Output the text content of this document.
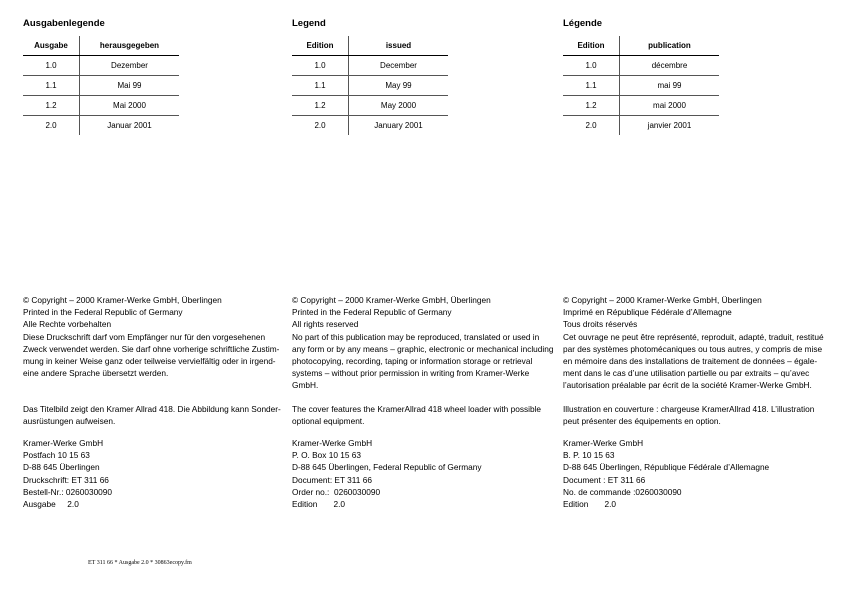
Ausgabenlegende
Ausgabe	herausgegeben
1.0	Dezember
1.1	Mai 99
1.2	Mai 2000
2.0	Januar 2001
© Copyright – 2000 Kramer-Werke GmbH, Überlingen
Printed in the Federal Republic of Germany
Alle Rechte vorbehalten
Diese Druckschrift darf vom Empfänger nur für den vorgesehenen
Zweck verwendet werden. Sie darf ohne vorherige schriftliche Zustim-
mung in keiner Weise ganz oder teilweise vervielfältig oder in irgend-
eine andere Sprache übersetzt werden.
Das Titelbild zeigt den Kramer Allrad 418. Die Abbildung kann Sonder-
ausrüstungen aufweisen.
Kramer-Werke GmbH
Postfach 10 15 63
D-88 645 Überlingen
Druckschrift: ET 311 66
Bestell-Nr.: 0260030090
Ausgabe     2.0
Legend
Edition	issued
1.0	December
1.1	May 99
1.2	May 2000
2.0	January 2001
© Copyright – 2000 Kramer-Werke GmbH, Überlingen
Printed in the Federal Republic of Germany
All rights reserved
No part of this publication may be reproduced, translated or used in
any form or by any means – graphic, electronic or mechanical including
photocopying, recording, taping or information storage or retrieval
systems – without prior permission in writing from Kramer-Werke
GmbH.
The cover features the KramerAllrad 418 wheel loader with possible
optional equipment.
Kramer-Werke GmbH
P. O. Box 10 15 63
D-88 645 Überlingen, Federal Republic of Germany
Document: ET 311 66
Order no.:  0260030090
Edition       2.0
Légende
Edition	publication
1.0	décembre
1.1	mai 99
1.2	mai 2000
2.0	janvier 2001
© Copyright – 2000 Kramer-Werke GmbH, Überlingen
Imprimé en République Fédérale d’Allemagne
Tous droits réservés
Cet ouvrage ne peut être représenté, reproduit, adapté, traduit, restitué
par des systèmes photomécaniques ou tous autres, y compris de mise
en mémoire dans des installations de traitement de données – égale-
ment dans le cas d’une utilisation partielle ou par extraits – qu’avec
l’autorisation préalable par écrit de la société Kramer-Werke GmbH.
Illustration en couverture : chargeuse KramerAllrad 418. L’illustration
peut présenter des équipements en option.
Kramer-Werke GmbH
B. P. 10 15 63
D-88 645 Überlingen, République Fédérale d’Allemagne
Document : ET 311 66
No. de commande :0260030090
Edition       2.0
ET 311 66 * Ausgabe 2.0 * 30863ecopy.fm
